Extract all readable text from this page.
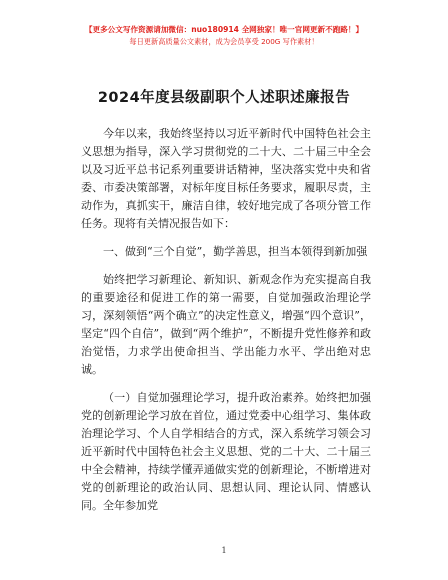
【更多公文写作资源请加微信：nuo180914 全网独家！唯一官网更新不跑路！】
每日更新高质量公文素材，成为会员享受 200G 写作素材！
2024年度县级副职个人述职述廉报告

今年以来，我始终坚持以习近平新时代中国特色社会主义思想为指导，深入学习贯彻党的二十大、二十届三中全会以及习近平总书记系列重要讲话精神，坚决落实党中央和省委、市委决策部署，对标年度目标任务要求，履职尽责，主动作为，真抓实干，廉洁自律，较好地完成了各项分管工作任务。现将有关情况报告如下：

一、做到“三个自觉”，勤学善思，担当本领得到新加强

始终把学习新理论、新知识、新观念作为充实提高自我的重要途径和促进工作的第一需要，自觉加强政治理论学习，深刻领悟“两个确立”的决定性意义，增强“四个意识”，坚定“四个自信”，做到“两个维护”，不断提升党性修养和政治觉悟，力求学出使命担当、学出能力水平、学出绝对忠诚。

（一）自觉加强理论学习，提升政治素养。始终把加强党的创新理论学习放在首位，通过党委中心组学习、集体政治理论学习、个人自学相结合的方式，深入系统学习领会习近平新时代中国特色社会主义思想、党的二十大、二十届三中全会精神，持续学懂弄通做实党的创新理论，不断增进对党的创新理论的政治认同、思想认同、理论认同、情感认同。全年参加党

1
